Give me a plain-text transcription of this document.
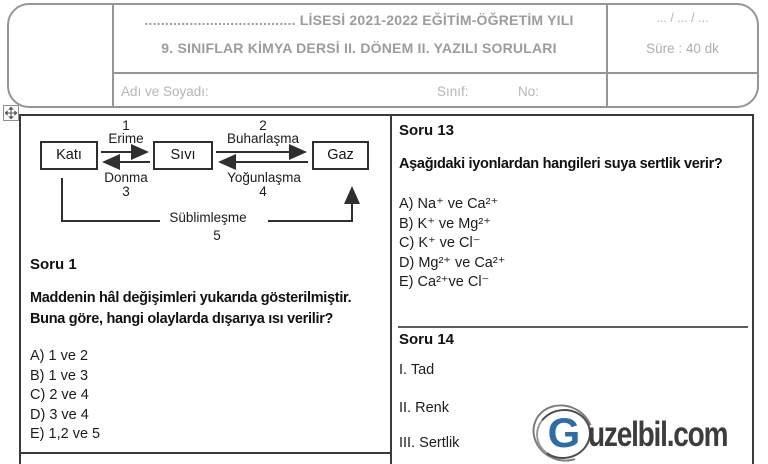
..................................... LİSESİ 2021-2022 EĞİTİM-ÖĞRETİM YILI
9. SINIFLAR KİMYA DERSİ II. DÖNEM II. YAZILI SORULARI
... / ... / ...
Süre : 40 dk
Adı ve Soyadı:	Sınıf:	No:
Katı	Sıvı	Gaz
1
Erime
Donma
3
2
Buharlaşma
Yoğunlaşma
4
Süblimleşme
5
Soru 1
Maddenin hâl değişimleri yukarıda gösterilmiştir.
Buna göre, hangi olaylarda dışarıya ısı verilir?
A) 1 ve 2
B) 1 ve 3
C) 2 ve 4
D) 3 ve 4
E) 1,2 ve 5
Soru 13
Aşağıdaki iyonlardan hangileri suya sertlik verir?
A) Na⁺ ve Ca²⁺
B) K⁺ ve Mg²⁺
C) K⁺ ve Cl⁻
D) Mg²⁺ ve Ca²⁺
E) Ca²⁺ve Cl⁻
Soru 14
I. Tad
II. Renk
III. Sertlik G uzelbil.com
